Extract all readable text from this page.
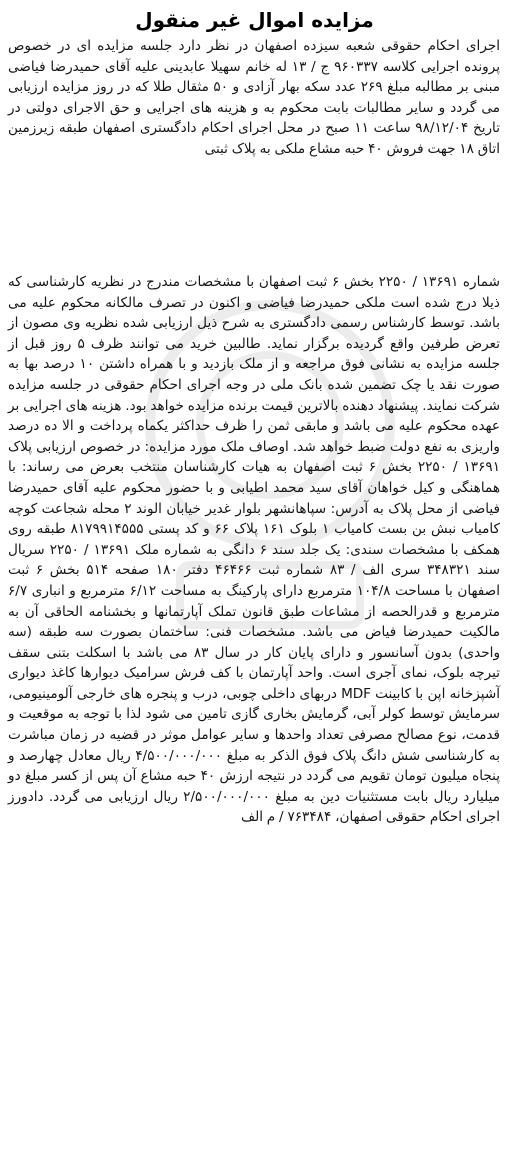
مزایده اموال غیر منقول

اجرای احکام حقوقی شعبه سیزده اصفهان در نظر دارد جلسه مزایده ای در خصوص پرونده اجرایی کلاسه ۹۶۰۳۳۷ ج / ۱۳ له خانم سهیلا عابدینی علیه آقای حمیدرضا فیاضی مبنی بر مطالبه مبلغ ۲۶۹ عدد سکه بهار آزادی و ۵۰ مثقال طلا که در روز مزایده ارزیابی می گردد و سایر مطالبات بابت محکوم به و هزینه های اجرایی و حق الاجرای دولتی در تاریخ ۹۸/۱۲/۰۴ ساعت ۱۱ صبح در محل اجرای احکام دادگستری اصفهان طبقه زیرزمین اتاق ۱۸ جهت فروش ۴۰ حبه مشاع ملکی به پلاک ثبتی

شماره ۱۳۶۹۱ / ۲۲۵۰ بخش ۶ ثبت اصفهان با مشخصات مندرج در نظریه کارشناسی که ذیلا درج شده است ملکی حمیدرضا فیاضی و اکنون در تصرف مالکانه محکوم علیه می باشد. توسط کارشناس رسمی دادگستری به شرح ذیل ارزیابی شده نظریه وی مصون از تعرض طرفین واقع گردیده برگزار نماید. طالبین خرید می توانند ظرف ۵ روز قبل از جلسه مزایده به نشانی فوق مراجعه و از ملک بازدید و با همراه داشتن ۱۰ درصد بها به صورت نقد یا چک تضمین شده بانک ملی در وجه اجرای احکام حقوقی در جلسه مزایده شرکت نمایند. پیشنهاد دهنده بالاترین قیمت برنده مزایده خواهد بود. هزینه های اجرایی بر عهده محکوم علیه می باشد و مابقی ثمن را ظرف حداکثر یکماه پرداخت و الا ده درصد واریزی به نفع دولت ضبط خواهد شد. اوصاف ملک مورد مزایده: در خصوص ارزیابی پلاک ۱۳۶۹۱ / ۲۲۵۰ بخش ۶ ثبت اصفهان به هیات کارشناسان منتخب بعرض می رساند: با هماهنگی و کیل خواهان آقای سید محمد اطیابی و با حضور محکوم علیه آقای حمیدرضا فیاضی از محل پلاک به آدرس: سپاهانشهر بلوار غدیر خیابان الوند ۲ محله شجاعت کوچه کامیاب نبش بن بست کامیاب ۱ بلوک ۱۶۱ پلاک ۶۶ و کد پستی ۸۱۷۹۹۱۴۵۵۵ طبقه روی همکف با مشخصات سندی: یک جلد سند ۶ دانگی به شماره ملک ۱۳۶۹۱ / ۲۲۵۰ سریال سند ۳۴۸۳۲۱ سری الف / ۸۳ شماره ثبت ۴۶۴۶۶ دفتر ۱۸۰ صفحه ۵۱۴ بخش ۶ ثبت اصفهان با مساحت ۱۰۴/۸ مترمربع دارای پارکینگ به مساحت ۶/۱۲ مترمربع و انباری ۶/۷ مترمربع و قدرالحصه از مشاعات طبق قانون تملک آپارتمانها و بخشنامه الحاقی آن به مالکیت حمیدرضا فیاض می باشد. مشخصات فنی: ساختمان بصورت سه طبقه (سه واحدی) بدون آسانسور و دارای پایان کار در سال ۸۳ می باشد با اسکلت بتنی سقف تیرچه بلوک، نمای آجری است. واحد آپارتمان با کف فرش سرامیک دیوارها کاغذ دیواری آشپزخانه اپن با کابینت MDF دربهای داخلی چوبی، درب و پنجره های خارجی آلومینیومی، سرمایش توسط کولر آبی، گرمایش بخاری گازی تامین می شود لذا با توجه به موقعیت و قدمت، نوع مصالح مصرفی تعداد واحدها و سایر عوامل موثر در قضیه در زمان مباشرت به کارشناسی شش دانگ پلاک فوق الذکر به مبلغ ۴/۵۰۰/۰۰۰/۰۰۰ ریال معادل چهارصد و پنجاه میلیون تومان تقویم می گردد در نتیجه ارزش ۴۰ حبه مشاع آن پس از کسر مبلغ دو میلیارد ریال بابت مستثنیات دین به مبلغ ۲/۵۰۰/۰۰۰/۰۰۰ ریال ارزیابی می گردد. دادورز اجرای احکام حقوقی اصفهان، ۷۶۳۴۸۴ / م الف
